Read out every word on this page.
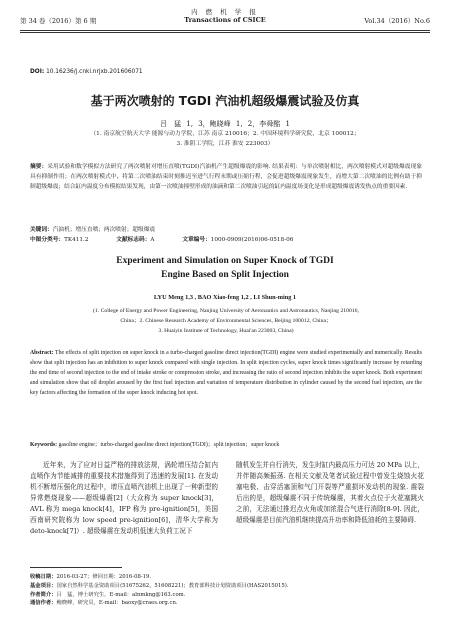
第 34 卷（2016）第 6 期
内 燃 机 学 报
Transactions of CSICE	Vol.34（2016）No.6
DOI: 10.16236/j.cnki.nrjxb.201606071
基于两次喷射的 TGDI 汽油机超级爆震试验及仿真
吕　猛 1, 3，鲍晓峰 1, 2，李舜酩 1
（1. 南京航空航天大学 能源与动力学院，江苏 南京 210016；2. 中国环境科学研究院，北京 100012；
3. 淮阴工学院，江苏 淮安 223003）
摘要：采用试验和数学模拟方法研究了两次喷射对增压直喷(TGDI)汽油机产生超级爆震的影响. 结果表明：与单次喷射相比，两次喷射模式对超级爆震现象具有抑制作用；在两次喷射模式中，将第二次喷油结束时刻推迟至进气行程末期或压缩行程，会促进超级爆震现象发生，而增大第二次喷油的比例有助于抑制超级爆震；结合缸内温度分布模拟结果发现，由第一次喷油撞壁形成的油滴和第二次喷油引起的缸内温度场变化是形成超级爆震诱发热点的重要因素.
关键词：汽油机；增压直喷；两次喷射；超级爆震
中图分类号：TK411.2	文献标志码：A	文章编号：1000-0909(2016)06-0518-06
Experiment and Simulation on Super Knock of TGDI
Engine Based on Split Injection
LYU Meng 1,3 , BAO Xiao-feng 1,2 , LI Shun-ming 1
(1. College of Energy and Power Engineering, Nanjing University of Aeronautics and Astronautics, Nanjing 210016,
China；2. Chinese Research Academy of Environmental Sciences, Beijing 100012, China；
3. Huaiyin Institute of Technology, Huai'an 223003, China)
Abstract: The effects of split injection on super knock in a turbo-charged gasoline direct injection(TGDI) engine were studied experimentally and numerically. Results show that split injection has an inhibition to super knock compared with single injection. In split injection cycles, super knock times significantly increase by retarding the end time of second injection to the end of intake stroke or compression stroke, and increasing the ratio of second injection inhibits the super knock. Both experiment and simulation show that oil droplet aroused by the first fuel injection and variation of temperature distribution in cylinder caused by the second fuel injection, are the key factors affecting the formation of the super knock inducing hot spot.
Keywords: gasoline engine；turbo-charged gasoline direct injection(TGDI)；split injection；super knock
近年来，为了应对日益严格的排放法规，涡轮增压结合缸内直喷作为节能减排的重要技术措施得到了迅速的发展[1]. 在发动机不断增压强化的过程中，增压直喷汽油机上出现了一种新型的异常燃烧现象——超级爆震[2]（大众称为 super knock[3]，AVL 称为 mega knock[4]，IFP 称为 pre-ignition[5]，美国西南研究院称为 low speed pre-ignition[6]，清华大学称为 deto-knock[7]）. 超级爆震在发动机低速大负荷工况下
随机发生并自行消失，发生时缸内最高压力可达 20 MPa 以上，并伴随高频振荡. 在相关文献及笔者试验过程中曾发生烧蚀火花塞电极、击穿活塞顶和气门开裂等严重损坏发动机的现象. 震裂后出的是，超级爆震不同于传统爆震，其着火点位于火花塞跳火之前，无法通过推迟点火角或加浓混合气进行消除[8-9]. 因此，超级爆震是目前汽油机继续提高升功率和降低油耗的主要障碍.
收稿日期：2016-03-27；修回日期：2016-08-19.
基金项目：国家自然科学基金资助项目(51675262，51608221)；教育部科技计划资助项目(HAS2015015).
作者简介：吕　猛，博士研究生，E-mail：alnmkng@163.com.
通信作者：鲍晓峰，研究员，E-mail：baoxy@craes.org.cn.
